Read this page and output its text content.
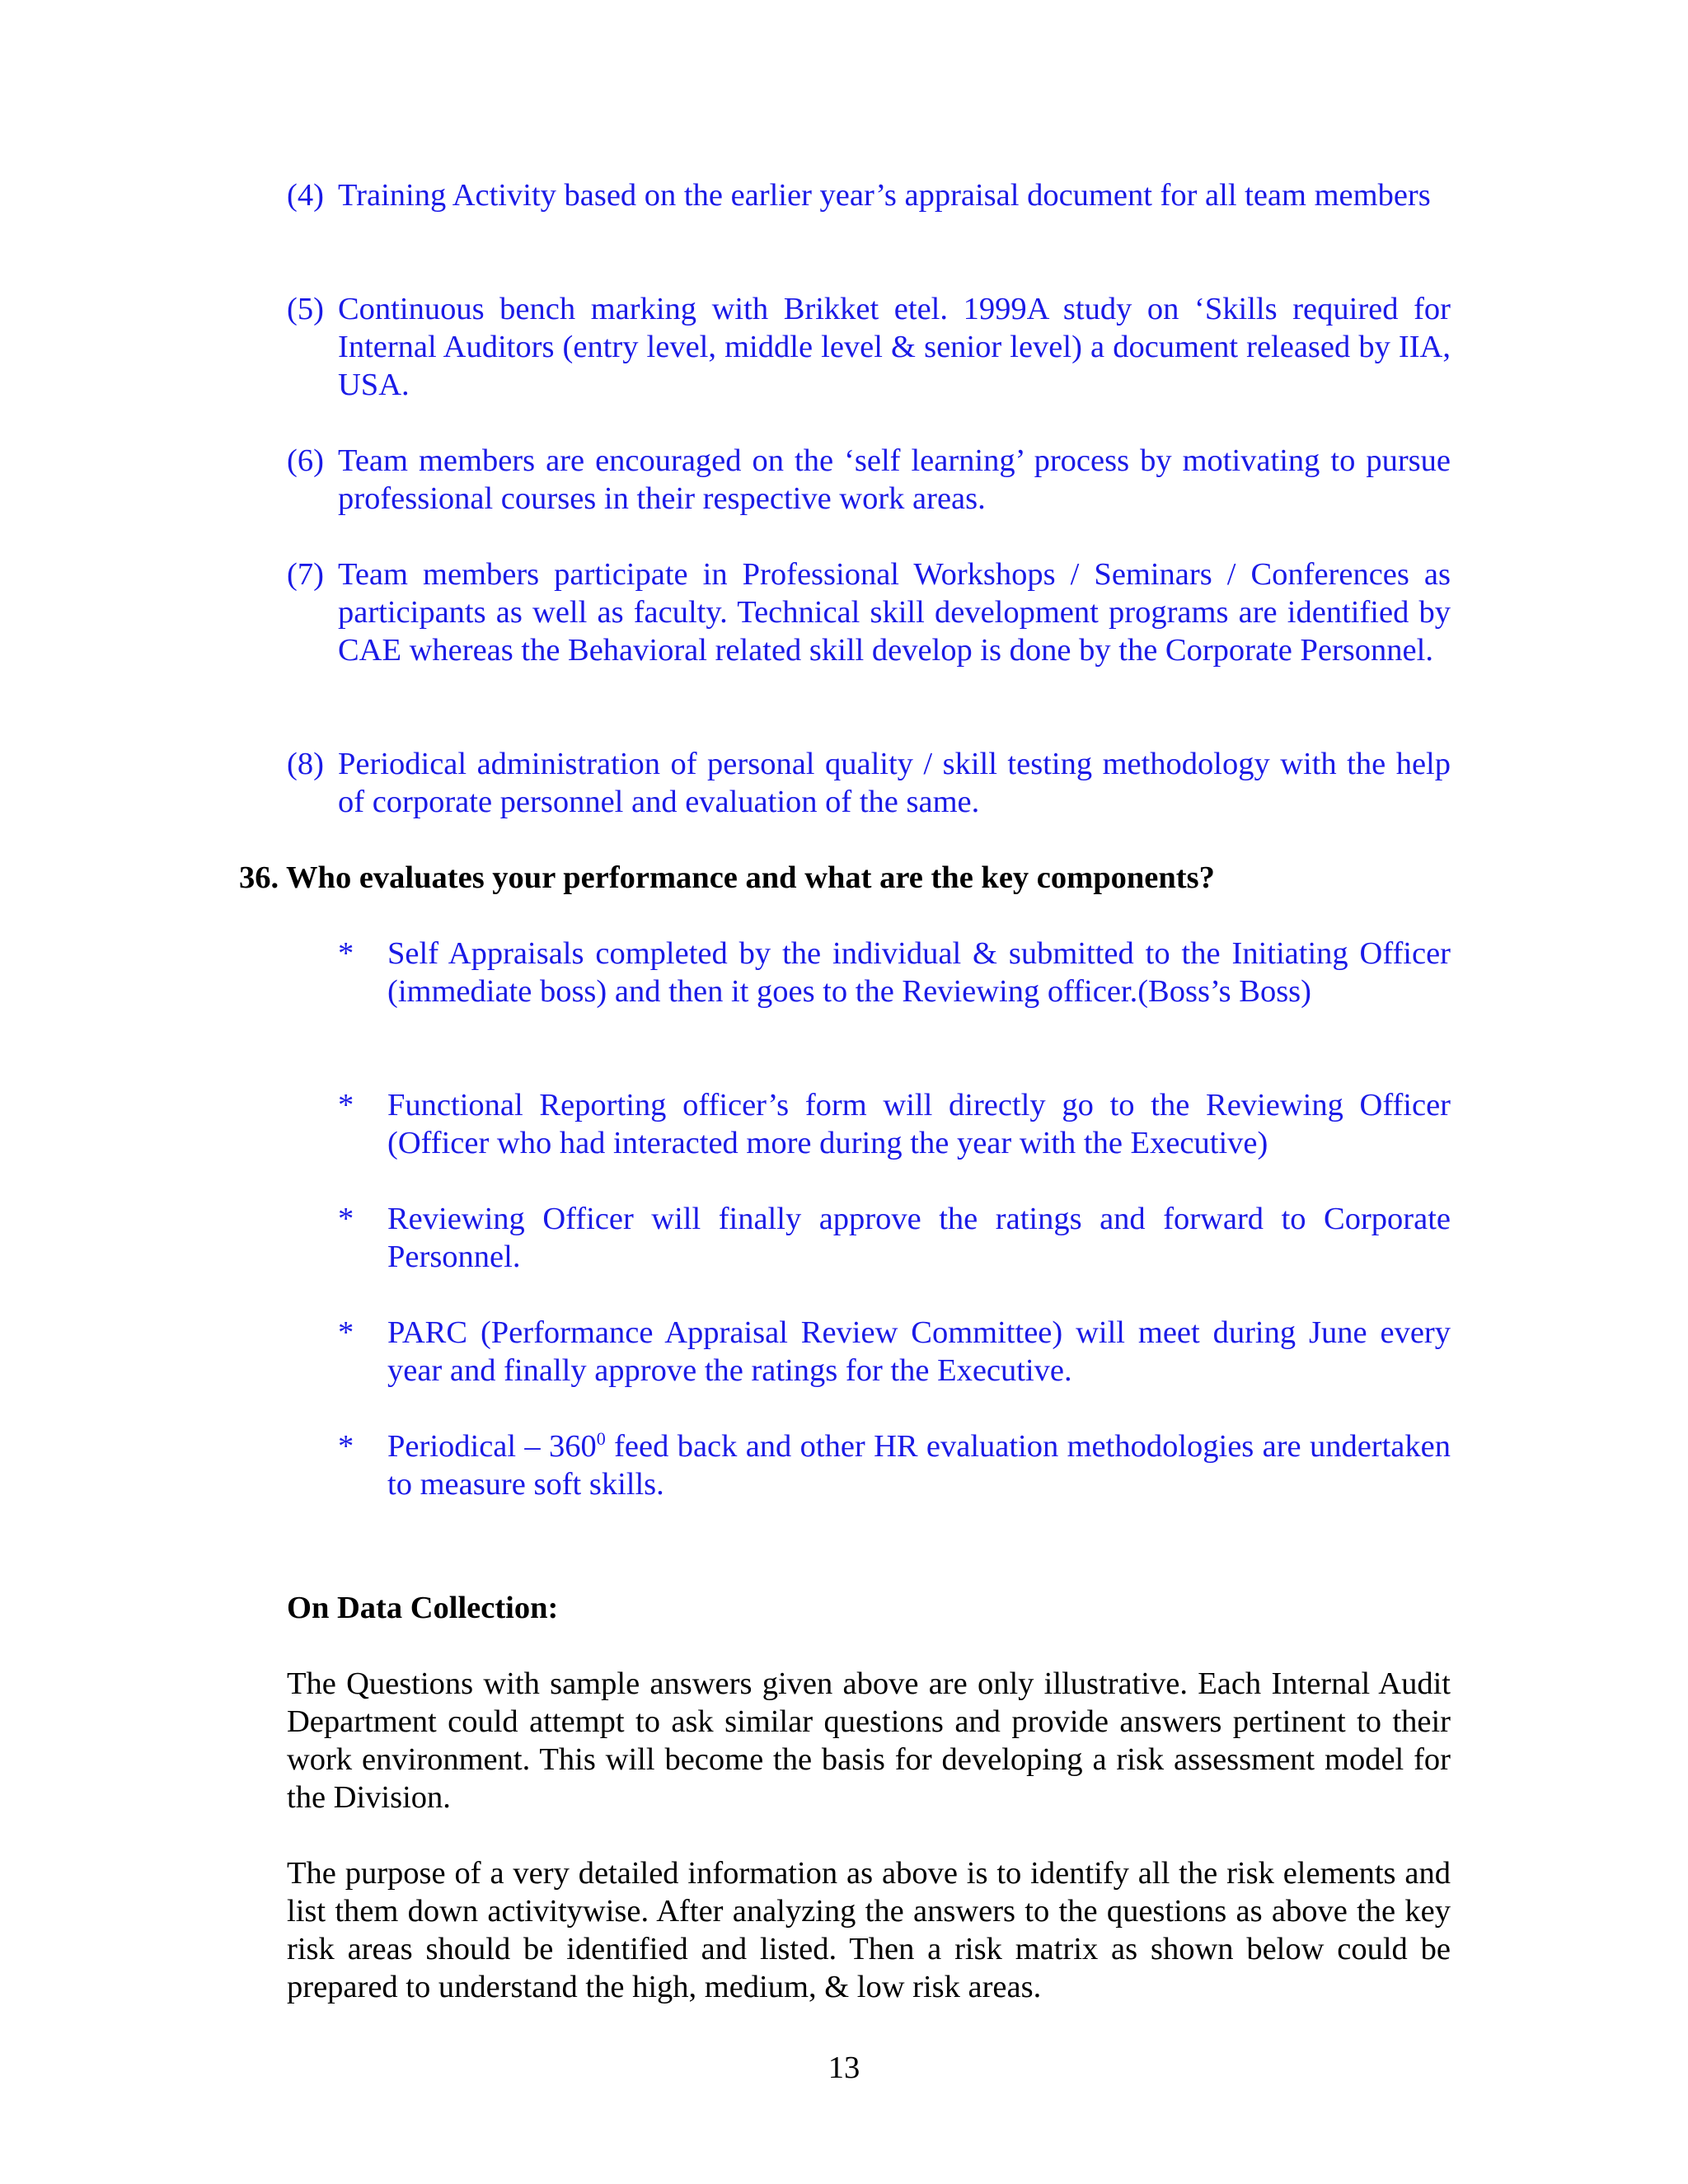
(4) Training Activity based on the earlier year’s appraisal document for all team members
(5) Continuous bench marking with Brikket etel. 1999A study on ‘Skills required for Internal Auditors (entry level, middle level & senior level) a document released by IIA, USA.
(6) Team members are encouraged on the ‘self learning’ process by motivating to pursue professional courses in their respective work areas.
(7) Team members participate in Professional Workshops / Seminars / Conferences as participants as well as faculty. Technical skill development programs are identified by CAE whereas the Behavioral related skill develop is done by the Corporate Personnel.
(8) Periodical administration of personal quality / skill testing methodology with the help of corporate personnel and evaluation of the same.
36. Who evaluates your performance and what are the key components?
* Self Appraisals completed by the individual & submitted to the Initiating Officer (immediate boss) and then it goes to the Reviewing officer.(Boss’s Boss)
* Functional Reporting officer’s form will directly go to the Reviewing Officer (Officer who had interacted more during the year with the Executive)
* Reviewing Officer will finally approve the ratings and forward to Corporate Personnel.
* PARC (Performance Appraisal Review Committee) will meet during June every year and finally approve the ratings for the Executive.
* Periodical – $360^0$ feed back and other HR evaluation methodologies are undertaken to measure soft skills.
On Data Collection:
The Questions with sample answers given above are only illustrative. Each Internal Audit Department could attempt to ask similar questions and provide answers pertinent to their work environment. This will become the basis for developing a risk assessment model for the Division.
The purpose of a very detailed information as above is to identify all the risk elements and list them down activitywise. After analyzing the answers to the questions as above the key risk areas should be identified and listed. Then a risk matrix as shown below could be prepared to understand the high, medium, & low risk areas.
13
